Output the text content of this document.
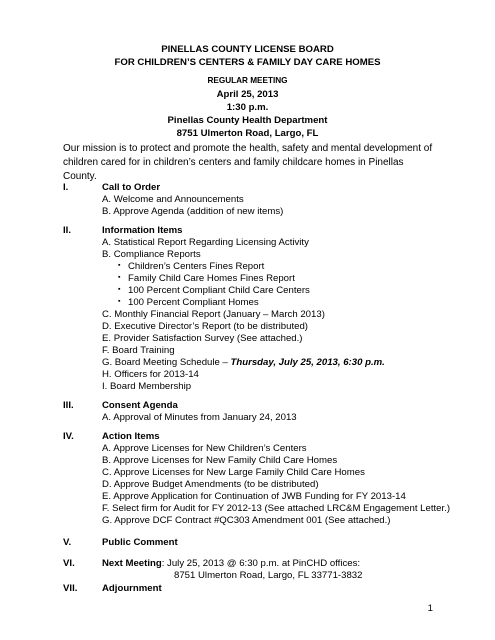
PINELLAS COUNTY LICENSE BOARD
FOR CHILDREN’S CENTERS & FAMILY DAY CARE HOMES
REGULAR MEETING
April 25, 2013
1:30 p.m.
Pinellas County Health Department
8751 Ulmerton Road, Largo, FL
Our mission is to protect and promote the health, safety and mental development of children cared for in children’s centers and family childcare homes in Pinellas County.
I.	Call to Order
A. Welcome and Announcements
B. Approve Agenda (addition of new items)
II.	Information Items
A. Statistical Report Regarding Licensing Activity
B. Compliance Reports
▪ Children’s Centers Fines Report
▪ Family Child Care Homes Fines Report
▪ 100 Percent Compliant Child Care Centers
▪ 100 Percent Compliant Homes
C. Monthly Financial Report (January – March 2013)
D. Executive Director’s Report (to be distributed)
E. Provider Satisfaction Survey (See attached.)
F. Board Training
G. Board Meeting Schedule – Thursday, July 25, 2013, 6:30 p.m.
H. Officers for 2013-14
I. Board Membership
III.	Consent Agenda
A. Approval of Minutes from January 24, 2013
IV.	Action Items
A. Approve Licenses for New Children’s Centers
B. Approve Licenses for New Family Child Care Homes
C. Approve Licenses for New Large Family Child Care Homes
D. Approve Budget Amendments (to be distributed)
E. Approve Application for Continuation of JWB Funding for FY 2013-14
F. Select firm for Audit for FY 2012-13 (See attached LRC&M Engagement Letter.)
G. Approve DCF Contract #QC303 Amendment 001 (See attached.)
V.	Public Comment
VI.	Next Meeting: July 25, 2013 @ 6:30 p.m. at PinCHD offices:
8751 Ulmerton Road, Largo, FL 33771-3832
VII.	Adjournment
1
